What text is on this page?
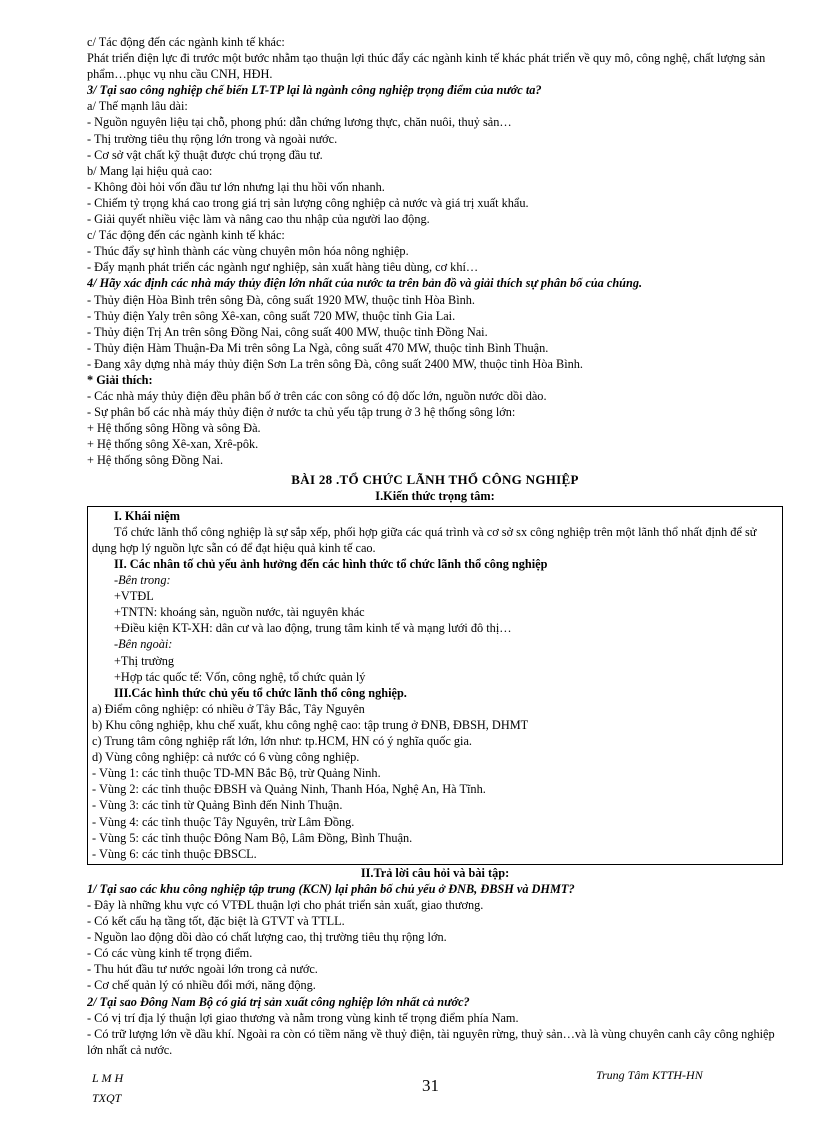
c/ Tác động đến các ngành kinh tế khác:
Phát triển điện lực đi trước một bước nhằm tạo thuận lợi thúc đẩy các ngành kinh tế khác phát triển về quy mô, công nghệ, chất lượng sản phẩm…phục vụ nhu cầu CNH, HĐH.
3/ Tại sao công nghiệp chế biến LT-TP lại là ngành công nghiệp trọng điểm của nước ta?
a/ Thế mạnh lâu dài:
- Nguồn nguyên liệu tại chỗ, phong phú: dẫn chứng lương thực, chăn nuôi, thuỷ sản…
- Thị trường tiêu thụ rộng lớn trong và ngoài nước.
- Cơ sở vật chất kỹ thuật được chú trọng đầu tư.
b/ Mang lại hiệu quả cao:
- Không đòi hỏi vốn đầu tư lớn nhưng lại thu hồi vốn nhanh.
- Chiếm tỷ trọng khá cao trong giá trị sản lượng công nghiệp cả nước và giá trị xuất khẩu.
- Giải quyết nhiều việc làm và nâng cao thu nhập của người lao động.
c/ Tác động đến các ngành kinh tế khác:
- Thúc đẩy sự hình thành các vùng chuyên môn hóa nông nghiệp.
- Đẩy mạnh phát triển các ngành ngư nghiệp, sản xuất hàng tiêu dùng, cơ khí…
4/ Hãy xác định các nhà máy thủy điện lớn nhất của nước ta trên bản đồ và giải thích sự phân bố của chúng.
- Thủy điện Hòa Bình trên sông Đà, công suất 1920 MW, thuộc tỉnh Hòa Bình.
- Thủy điện Yaly trên sông Xê-xan, công suất 720 MW, thuộc tỉnh Gia Lai.
- Thủy điện Trị An trên sông Đồng Nai, công suất 400 MW, thuộc tỉnh Đồng Nai.
- Thủy điện Hàm Thuận-Đa Mi trên sông La Ngà, công suất 470 MW, thuộc tỉnh Bình Thuận.
- Đang xây dựng nhà máy thủy điện Sơn La trên sông Đà, công suất 2400 MW, thuộc tỉnh Hòa Bình.
* Giải thích:
- Các nhà máy thủy điện đều phân bố ở trên các con sông có độ dốc lớn, nguồn nước dồi dào.
- Sự phân bố các nhà máy thủy điện ở nước ta chủ yếu tập trung ở 3 hệ thống sông lớn:
+ Hệ thống sông Hồng và sông Đà.
+ Hệ thống sông Xê-xan, Xrê-pôk.
+ Hệ thống sông Đồng Nai.
BÀI 28 .TỔ CHỨC LÃNH THỔ CÔNG NGHIỆP
I.Kiến thức trọng tâm:
I. Khái niệm
Tổ chức lãnh thổ công nghiệp là sự sắp xếp, phối hợp giữa các quá trình và cơ sở sx công nghiệp trên một lãnh thổ nhất định để sử dụng hợp lý nguồn lực sẵn có để đạt hiệu quả kinh tế cao.
II. Các nhân tố chủ yếu ảnh hưởng đến các hình thức tổ chức lãnh thổ công nghiệp
-Bên trong:
+VTĐL
+TNTN: khoáng sản, nguồn nước, tài nguyên khác
+Điều kiện KT-XH: dân cư và lao động, trung tâm kinh tế và mạng lưới đô thị…
-Bên ngoài:
+Thị trường
+Hợp tác quốc tế: Vốn, công nghệ, tổ chức quản lý
III.Các hình thức chủ yếu tổ chức lãnh thổ công nghiệp.
a) Điểm công nghiệp: có nhiều ở Tây Bắc, Tây Nguyên
b) Khu công nghiệp, khu chế xuất, khu công nghệ cao: tập trung ở ĐNB, ĐBSH, DHMT
c) Trung tâm công nghiệp rất lớn, lớn như: tp.HCM, HN có ý nghĩa quốc gia.
d) Vùng công nghiệp: cả nước có 6 vùng công nghiệp.
- Vùng 1: các tỉnh thuộc TD-MN Bắc Bộ, trừ Quảng Ninh.
- Vùng 2: các tỉnh thuộc ĐBSH và Quảng Ninh, Thanh Hóa, Nghệ An, Hà Tĩnh.
- Vùng 3: các tỉnh từ Quảng Bình đến Ninh Thuận.
- Vùng 4: các tỉnh thuộc Tây Nguyên, trừ Lâm Đồng.
- Vùng 5: các tỉnh thuộc Đông Nam Bộ, Lâm Đồng, Bình Thuận.
- Vùng 6: các tỉnh thuộc ĐBSCL.
II.Trả lời câu hỏi và bài tập:
1/ Tại sao các khu công nghiệp tập trung (KCN) lại phân bố chủ yếu ở ĐNB, ĐBSH và DHMT?
- Đây là những khu vực có VTĐL thuận lợi cho phát triển sản xuất, giao thương.
- Có kết cấu hạ tầng tốt, đặc biệt là GTVT và TTLL.
- Nguồn lao động dồi dào có chất lượng cao, thị trường tiêu thụ rộng lớn.
- Có các vùng kinh tế trọng điểm.
- Thu hút đầu tư nước ngoài lớn trong cả nước.
- Cơ chế quản lý có nhiều đổi mới, năng động.
2/ Tại sao Đông Nam Bộ có giá trị sản xuất công nghiệp lớn nhất cả nước?
- Có vị trí địa lý thuận lợi giao thương và nằm trong vùng kinh tế trọng điểm phía Nam.
- Có trữ lượng lớn về dầu khí. Ngoài ra còn có tiềm năng về thuỷ điện, tài nguyên rừng, thuỷ sản…và là vùng chuyên canh cây công nghiệp lớn nhất cả nước.
L M H
TXQT
31
Trung Tâm KTTH-HN
